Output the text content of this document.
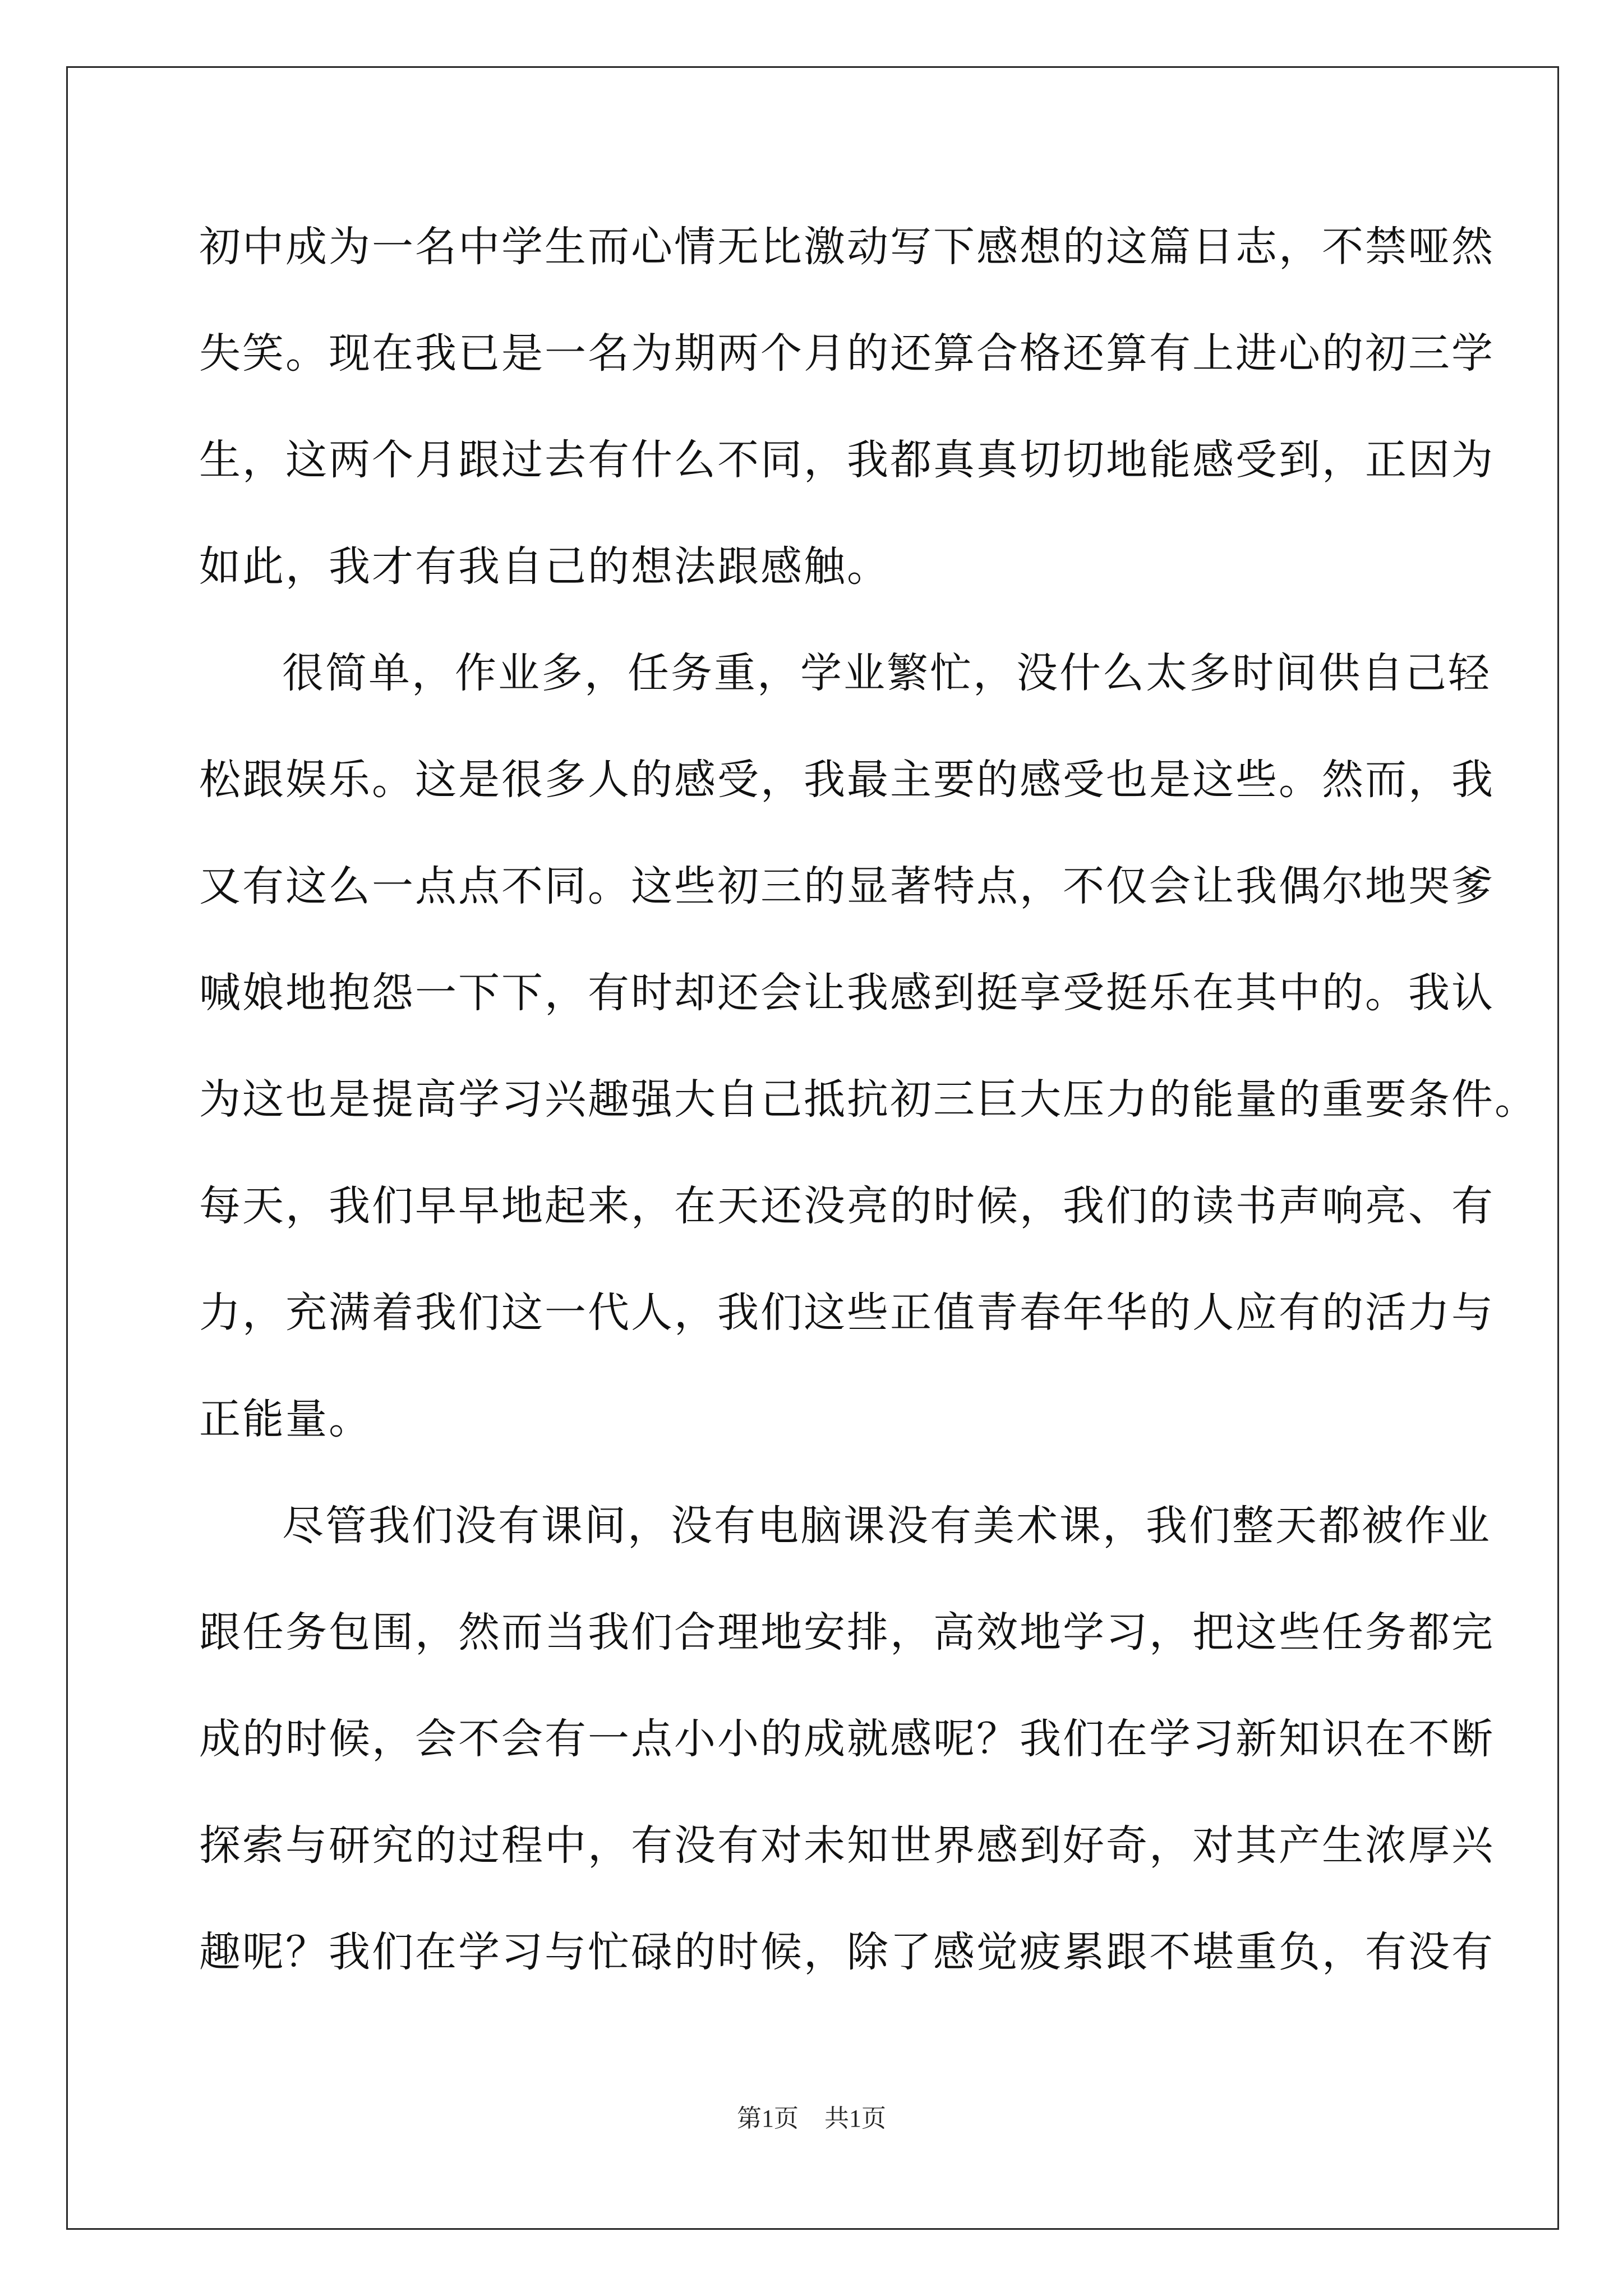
初中成为一名中学生而心情无比激动写下感想的这篇日志，不禁哑然
失笑。现在我已是一名为期两个月的还算合格还算有上进心的初三学
生，这两个月跟过去有什么不同，我都真真切切地能感受到，正因为
如此，我才有我自己的想法跟感触。
很简单，作业多，任务重，学业繁忙，没什么太多时间供自己轻
松跟娱乐。这是很多人的感受，我最主要的感受也是这些。然而，我
又有这么一点点不同。这些初三的显著特点，不仅会让我偶尔地哭爹
喊娘地抱怨一下下，有时却还会让我感到挺享受挺乐在其中的。我认
为这也是提高学习兴趣强大自己抵抗初三巨大压力的能量的重要条件。
每天，我们早早地起来，在天还没亮的时候，我们的读书声响亮、有
力，充满着我们这一代人，我们这些正值青春年华的人应有的活力与
正能量。
尽管我们没有课间，没有电脑课没有美术课，我们整天都被作业
跟任务包围，然而当我们合理地安排，高效地学习，把这些任务都完
成的时候，会不会有一点小小的成就感呢？我们在学习新知识在不断
探索与研究的过程中，有没有对未知世界感到好奇，对其产生浓厚兴
趣呢？我们在学习与忙碌的时候，除了感觉疲累跟不堪重负，有没有
第1页 共1页
